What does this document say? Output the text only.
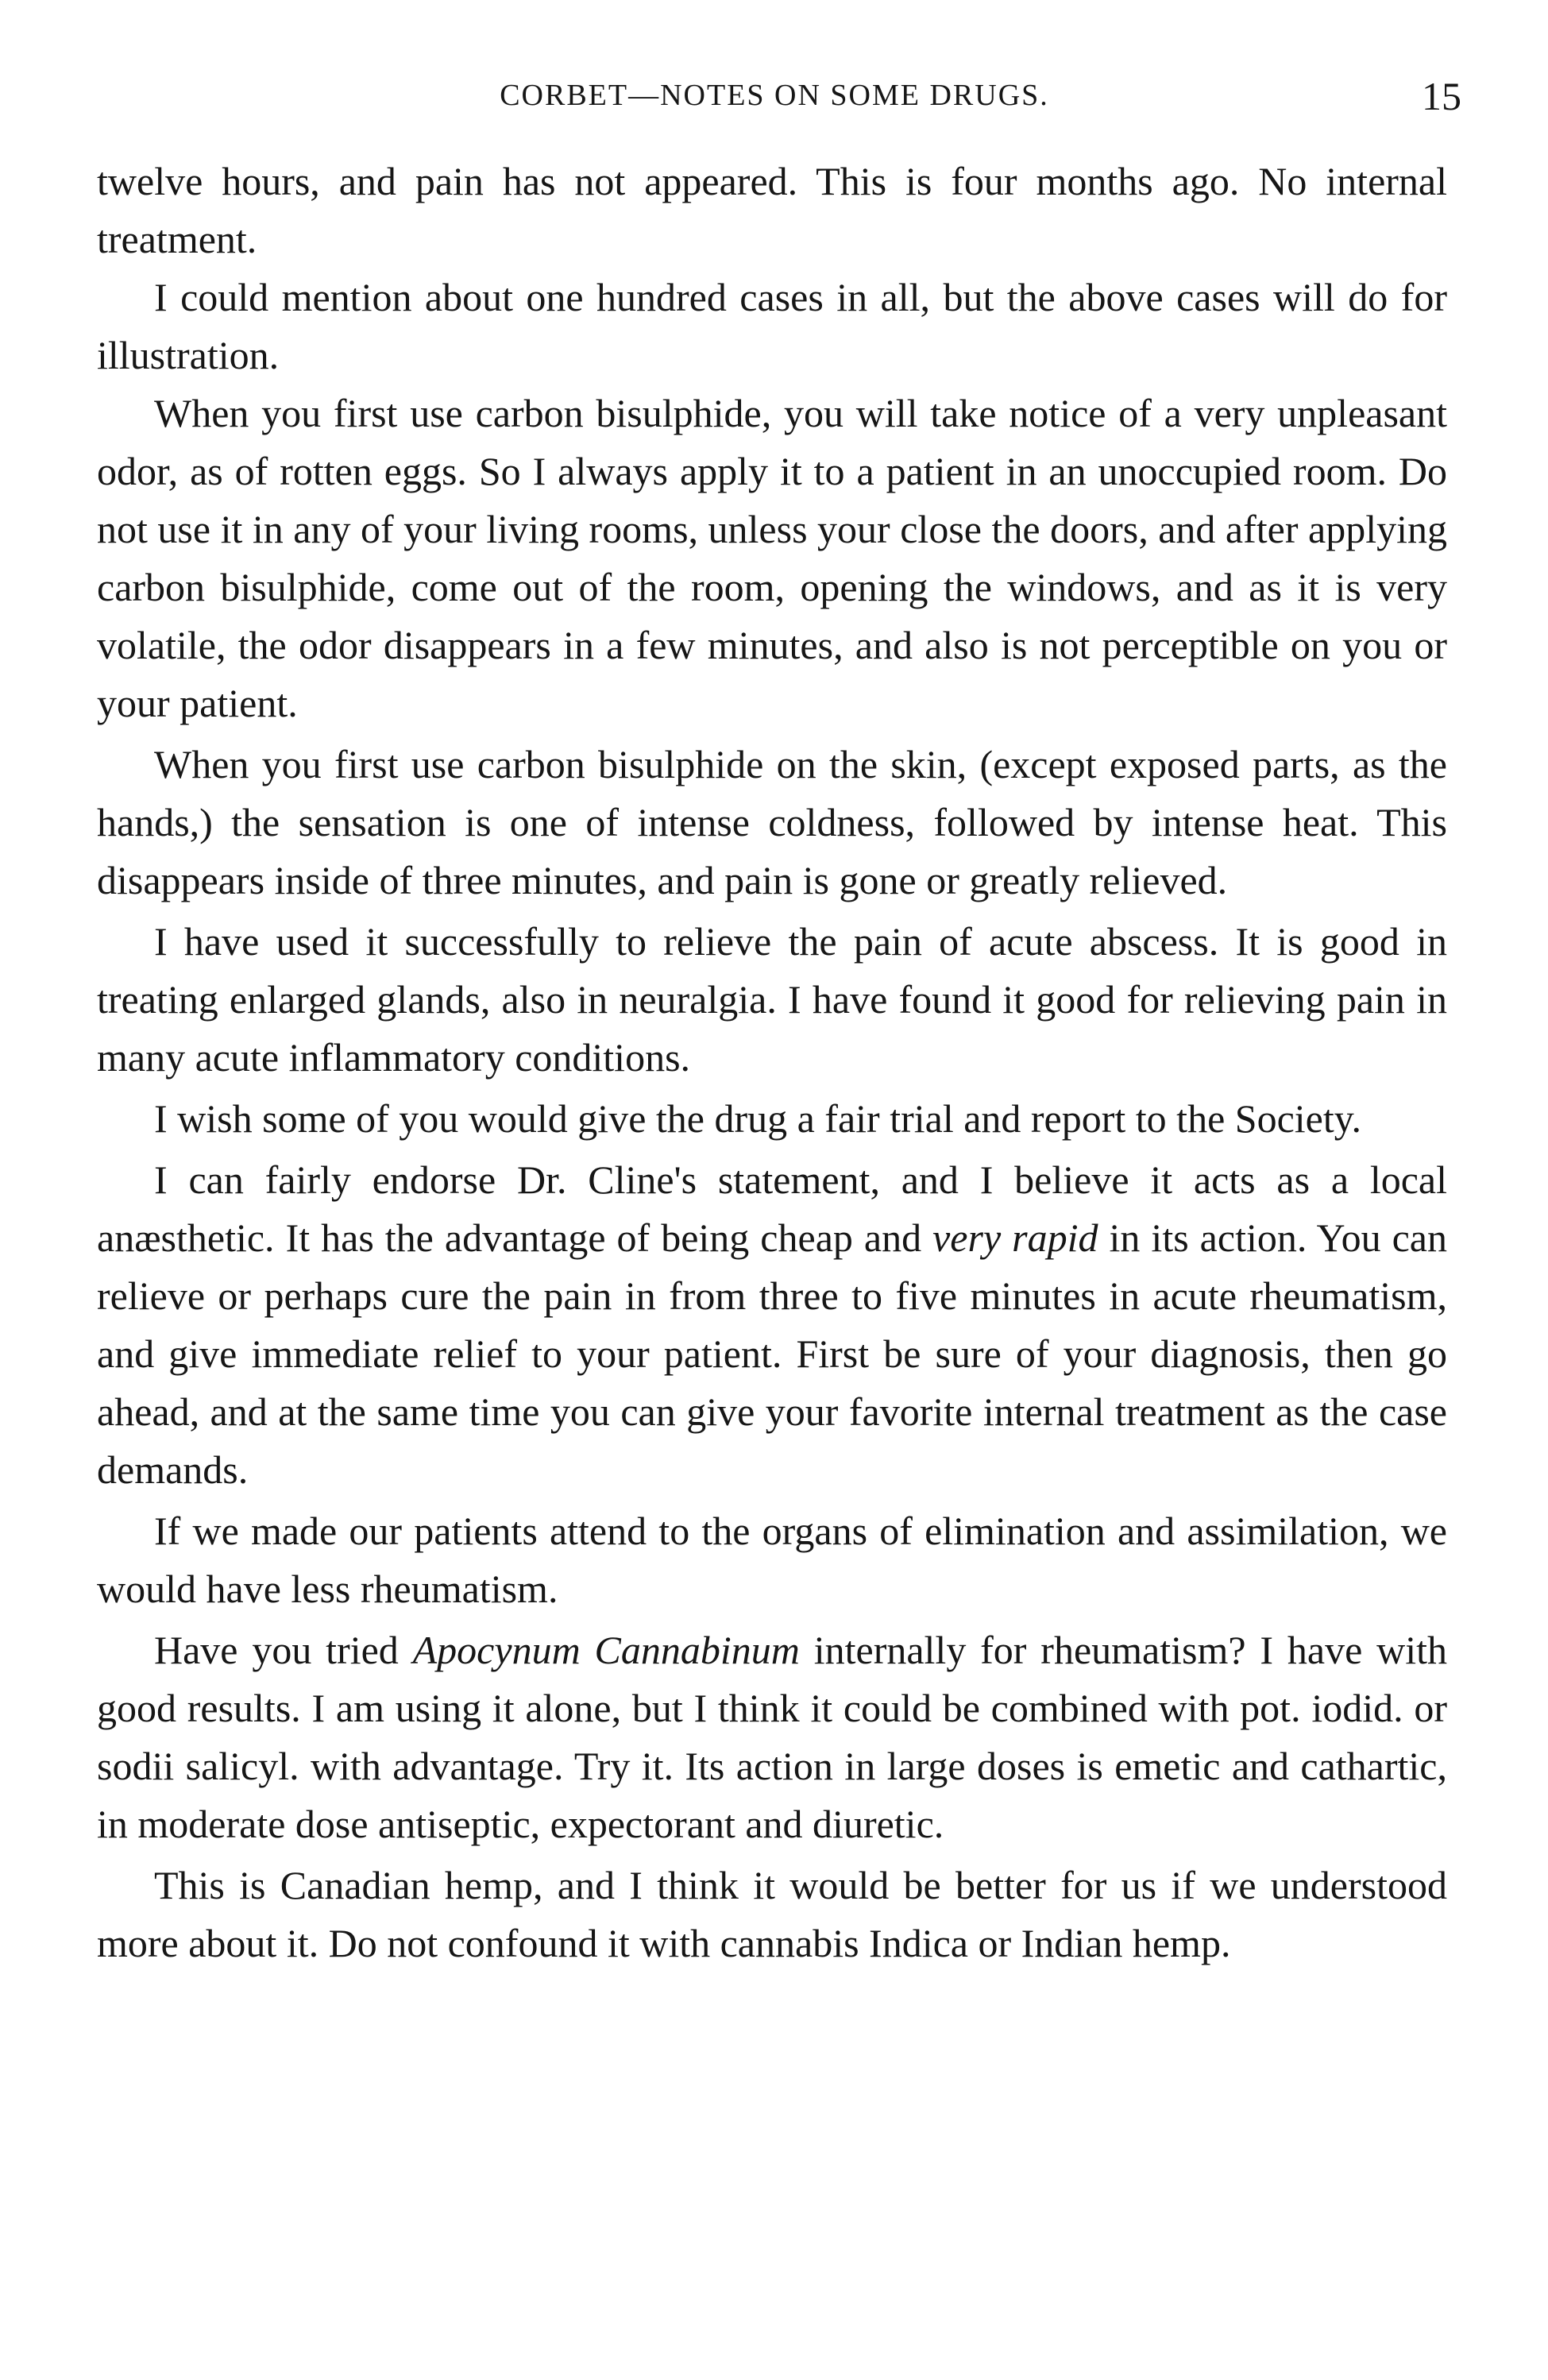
CORBET—NOTES ON SOME DRUGS.	15

twelve hours, and pain has not appeared. This is four months ago. No internal treatment.

I could mention about one hundred cases in all, but the above cases will do for illustration.

When you first use carbon bisulphide, you will take notice of a very unpleasant odor, as of rotten eggs. So I always apply it to a patient in an unoccupied room. Do not use it in any of your living rooms, unless your close the doors, and after applying carbon bisulphide, come out of the room, opening the windows, and as it is very volatile, the odor disappears in a few minutes, and also is not perceptible on you or your patient.

When you first use carbon bisulphide on the skin, (except exposed parts, as the hands,) the sensation is one of intense coldness, followed by intense heat. This disappears inside of three minutes, and pain is gone or greatly relieved.

I have used it successfully to relieve the pain of acute abscess. It is good in treating enlarged glands, also in neuralgia. I have found it good for relieving pain in many acute inflammatory conditions.

I wish some of you would give the drug a fair trial and report to the Society.

I can fairly endorse Dr. Cline's statement, and I believe it acts as a local anæsthetic. It has the advantage of being cheap and very rapid in its action. You can relieve or perhaps cure the pain in from three to five minutes in acute rheumatism, and give immediate relief to your patient. First be sure of your diagnosis, then go ahead, and at the same time you can give your favorite internal treatment as the case demands.

If we made our patients attend to the organs of elimination and assimilation, we would have less rheumatism.

Have you tried Apocynum Cannabinum internally for rheumatism? I have with good results. I am using it alone, but I think it could be combined with pot. iodid. or sodii salicyl. with advantage. Try it. Its action in large doses is emetic and cathartic, in moderate dose antiseptic, expectorant and diuretic.

This is Canadian hemp, and I think it would be better for us if we understood more about it. Do not confound it with cannabis Indica or Indian hemp.
